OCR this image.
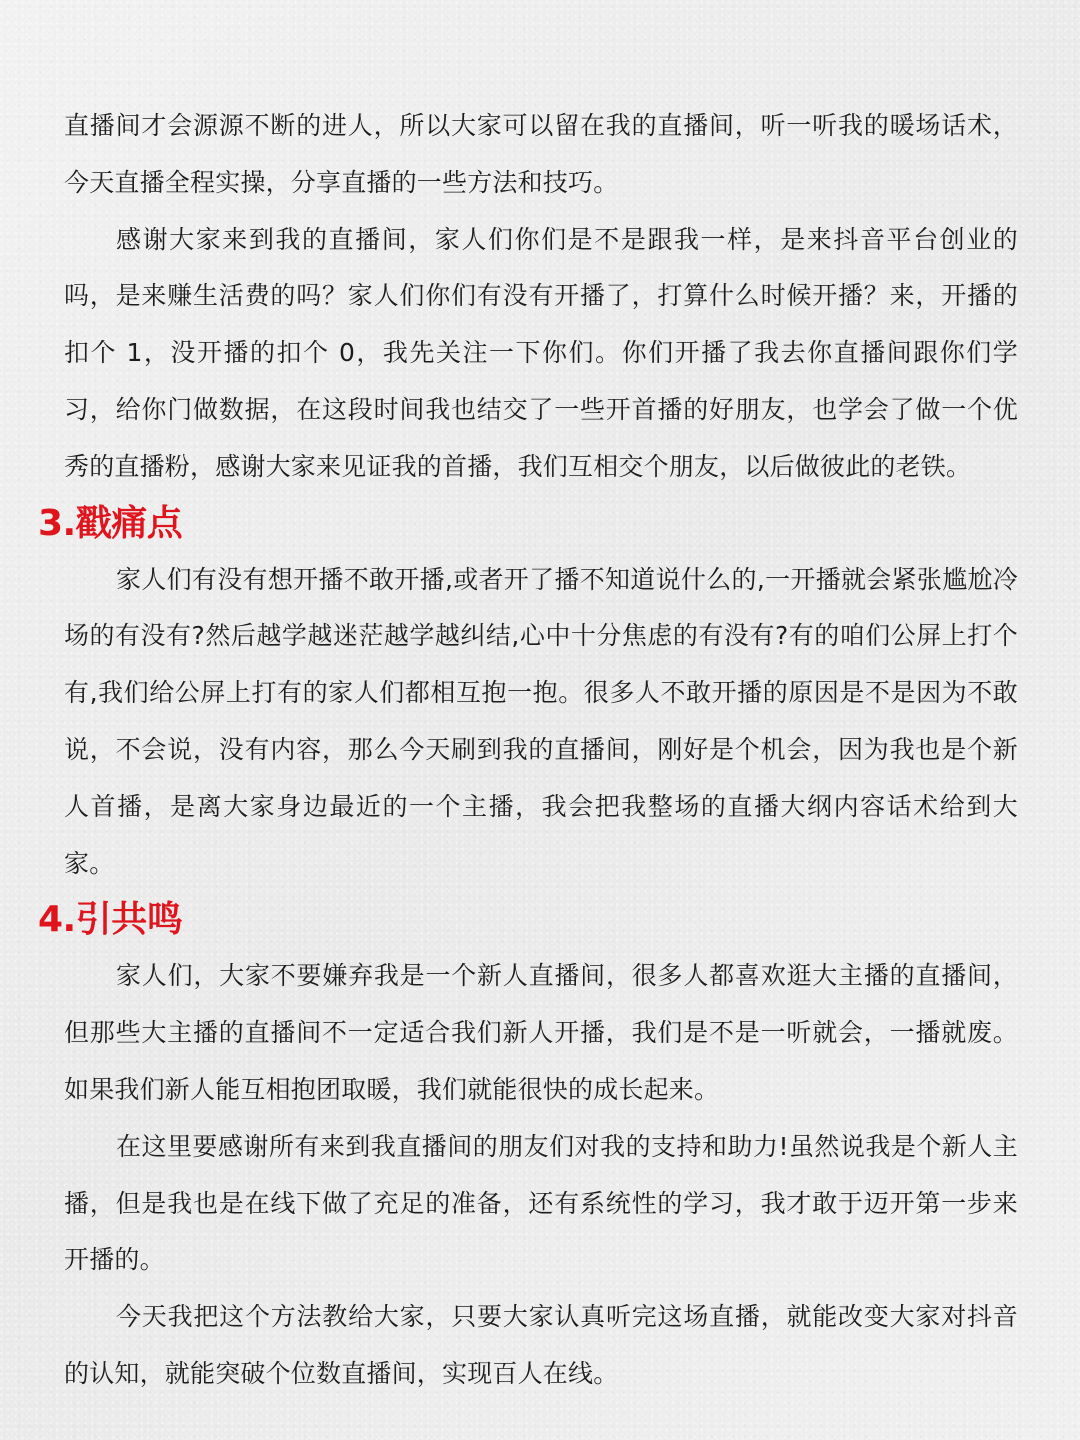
直播间才会源源不断的进人，所以大家可以留在我的直播间，听一听我的暖场话术，今天直播全程实操，分享直播的一些方法和技巧。

感谢大家来到我的直播间，家人们你们是不是跟我一样，是来抖音平台创业的吗，是来赚生活费的吗？家人们你们有没有开播了，打算什么时候开播？来，开播的扣个 1，没开播的扣个 0，我先关注一下你们。你们开播了我去你直播间跟你们学习，给你门做数据，在这段时间我也结交了一些开首播的好朋友，也学会了做一个优秀的直播粉，感谢大家来见证我的首播，我们互相交个朋友，以后做彼此的老铁。

3.戳痛点

家人们有没有想开播不敢开播,或者开了播不知道说什么的,一开播就会紧张尴尬冷场的有没有?然后越学越迷茫越学越纠结,心中十分焦虑的有没有?有的咱们公屏上打个有,我们给公屏上打有的家人们都相互抱一抱。很多人不敢开播的原因是不是因为不敢说，不会说，没有内容，那么今天刷到我的直播间，刚好是个机会，因为我也是个新人首播，是离大家身边最近的一个主播，我会把我整场的直播大纲内容话术给到大家。

4.引共鸣

家人们，大家不要嫌弃我是一个新人直播间，很多人都喜欢逛大主播的直播间，但那些大主播的直播间不一定适合我们新人开播，我们是不是一听就会，一播就废。如果我们新人能互相抱团取暖，我们就能很快的成长起来。

在这里要感谢所有来到我直播间的朋友们对我的支持和助力!虽然说我是个新人主播，但是我也是在线下做了充足的准备，还有系统性的学习，我才敢于迈开第一步来开播的。

今天我把这个方法教给大家，只要大家认真听完这场直播，就能改变大家对抖音的认知，就能突破个位数直播间，实现百人在线。
